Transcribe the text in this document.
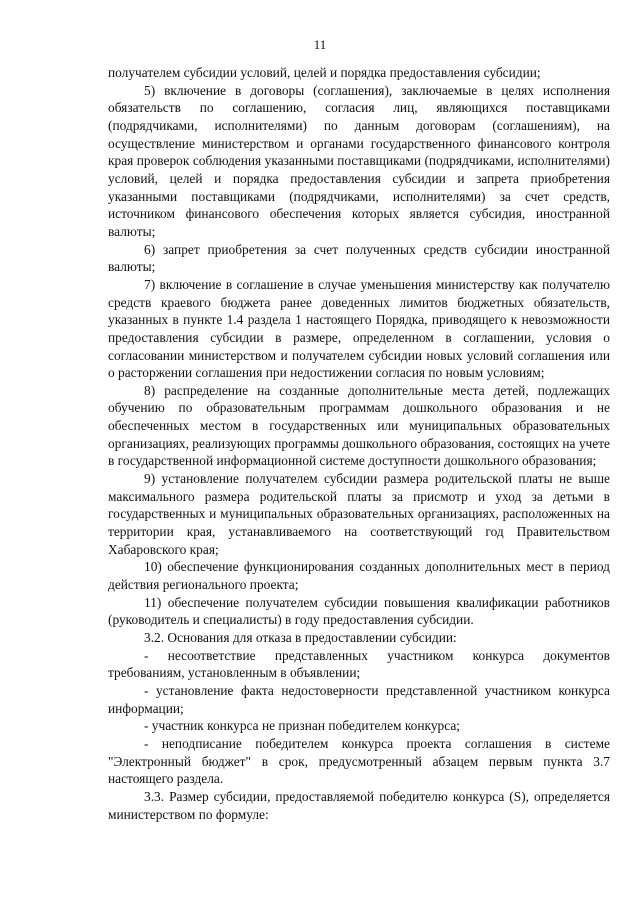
11

получателем субсидии условий, целей и порядка предоставления субсидии;

5) включение в договоры (соглашения), заключаемые в целях исполнения обязательств по соглашению, согласия лиц, являющихся поставщиками (подрядчиками, исполнителями) по данным договорам (соглашениям), на осуществление министерством и органами государственного финансового контроля края проверок соблюдения указанными поставщиками (подрядчиками, исполнителями) условий, целей и порядка предоставления субсидии и запрета приобретения указанными поставщиками (подрядчиками, исполнителями) за счет средств, источником финансового обеспечения которых является субсидия, иностранной валюты;

6) запрет приобретения за счет полученных средств субсидии иностранной валюты;

7) включение в соглашение в случае уменьшения министерству как получателю средств краевого бюджета ранее доведенных лимитов бюджетных обязательств, указанных в пункте 1.4 раздела 1 настоящего Порядка, приводящего к невозможности предоставления субсидии в размере, определенном в соглашении, условия о согласовании министерством и получателем субсидии новых условий соглашения или о расторжении соглашения при недостижении согласия по новым условиям;

8) распределение на созданные дополнительные места детей, подлежащих обучению по образовательным программам дошкольного образования и не обеспеченных местом в государственных или муниципальных образовательных организациях, реализующих программы дошкольного образования, состоящих на учете в государственной информационной системе доступности дошкольного образования;

9) установление получателем субсидии размера родительской платы не выше максимального размера родительской платы за присмотр и уход за детьми в государственных и муниципальных образовательных организациях, расположенных на территории края, устанавливаемого на соответствующий год Правительством Хабаровского края;

10) обеспечение функционирования созданных дополнительных мест в период действия регионального проекта;

11) обеспечение получателем субсидии повышения квалификации работников (руководитель и специалисты) в году предоставления субсидии.

3.2. Основания для отказа в предоставлении субсидии:

- несоответствие представленных участником конкурса документов требованиям, установленным в объявлении;

- установление факта недостоверности представленной участником конкурса информации;

- участник конкурса не признан победителем конкурса;

- неподписание победителем конкурса проекта соглашения в системе "Электронный бюджет" в срок, предусмотренный абзацем первым пункта 3.7 настоящего раздела.

3.3. Размер субсидии, предоставляемой победителю конкурса (S), определяется министерством по формуле:
